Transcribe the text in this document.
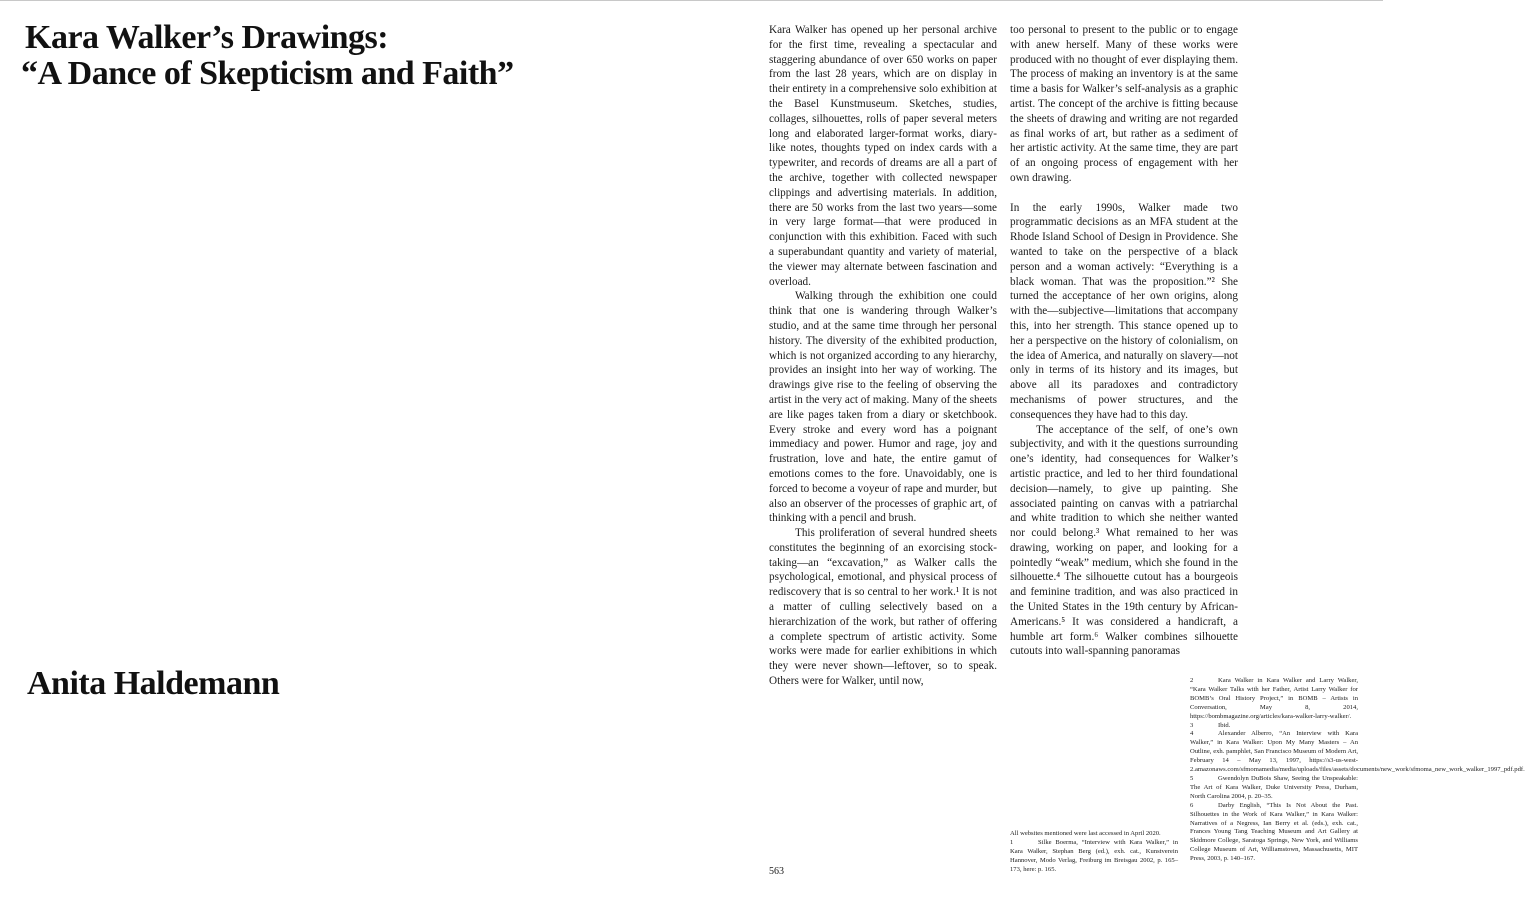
Kara Walker’s Drawings:
“A Dance of Skepticism and Faith”
Anita Haldemann

Kara Walker has opened up her personal archive for the first time, revealing a spectacular and staggering abundance of over 650 works on paper from the last 28 years, which are on display in their entirety in a comprehensive solo exhibition at the Basel Kunstmuseum. Sketches, studies, collages, silhouettes, rolls of paper several meters long and elaborated larger-format works, diary-like notes, thoughts typed on index cards with a typewriter, and records of dreams are all a part of the archive, together with collected newspaper clippings and advertising materials. In addition, there are 50 works from the last two years—some in very large format—that were produced in conjunction with this exhibition. Faced with such a superabundant quantity and variety of material, the viewer may alternate between fascination and overload.

Walking through the exhibition one could think that one is wandering through Walker’s studio, and at the same time through her personal history. The diversity of the exhibited production, which is not organized according to any hierarchy, provides an insight into her way of working. The drawings give rise to the feeling of observing the artist in the very act of making. Many of the sheets are like pages taken from a diary or sketchbook. Every stroke and every word has a poignant immediacy and power. Humor and rage, joy and frustration, love and hate, the entire gamut of emotions comes to the fore. Unavoidably, one is forced to become a voyeur of rape and murder, but also an observer of the processes of graphic art, of thinking with a pencil and brush.

This proliferation of several hundred sheets constitutes the beginning of an exorcising stock-taking—an “excavation,” as Walker calls the psychological, emotional, and physical process of rediscovery that is so central to her work.¹ It is not a matter of culling selectively based on a hierarchization of the work, but rather of offering a complete spectrum of artistic activity. Some works were made for earlier exhibitions in which they were never shown—leftover, so to speak. Others were for Walker, until now,

too personal to present to the public or to engage with anew herself. Many of these works were produced with no thought of ever displaying them. The process of making an inventory is at the same time a basis for Walker’s self-analysis as a graphic artist. The concept of the archive is fitting because the sheets of drawing and writing are not regarded as final works of art, but rather as a sediment of her artistic activity. At the same time, they are part of an ongoing process of engagement with her own drawing.

In the early 1990s, Walker made two programmatic decisions as an MFA student at the Rhode Island School of Design in Providence. She wanted to take on the perspective of a black person and a woman actively: “Everything is a black woman. That was the proposition.”² She turned the acceptance of her own origins, along with the—subjective—limitations that accompany this, into her strength. This stance opened up to her a perspective on the history of colonialism, on the idea of America, and naturally on slavery—not only in terms of its history and its images, but above all its paradoxes and contradictory mechanisms of power structures, and the consequences they have had to this day.

The acceptance of the self, of one’s own subjectivity, and with it the questions surrounding one’s identity, had consequences for Walker’s artistic practice, and led to her third foundational decision—namely, to give up painting. She associated painting on canvas with a patriarchal and white tradition to which she neither wanted nor could belong.³ What remained to her was drawing, working on paper, and looking for a pointedly “weak” medium, which she found in the silhouette.⁴ The silhouette cutout has a bourgeois and feminine tradition, and was also practiced in the United States in the 19th century by African-Americans.⁵ It was considered a handicraft, a humble art form.⁶ Walker combines silhouette cutouts into wall-spanning panoramas

563
All websites mentioned were last accessed in April 2020.
1	Silke Boerma, “Interview with Kara Walker,” in Kara Walker, Stephan Berg (ed.), exh. cat., Kunstverein Hannover, Modo Verlag, Freiburg im Breisgau 2002, p. 165–173, here: p. 165.
2	Kara Walker in Kara Walker and Larry Walker, “Kara Walker Talks with her Father, Artist Larry Walker for BOMB’s Oral History Project,” in BOMB – Artists in Conversation, May 8, 2014, https://bombmagazine.org/articles/kara-walker-larry-walker/.
3	Ibid.
4	Alexander Alberro, “An Interview with Kara Walker,” in Kara Walker: Upon My Many Masters – An Outline, exh. pamphlet, San Francisco Museum of Modern Art, February 14 – May 13, 1997, https://s3-us-west-2.amazonaws.com/sfmomamedia/media/uploads/files/assets/documents/new_work/sfmoma_new_work_walker_1997_pdf.pdf.
5	Gwendolyn DuBois Shaw, Seeing the Unspeakable: The Art of Kara Walker, Duke University Press, Durham, North Carolina 2004, p. 20–35.
6	Darby English, “This Is Not About the Past. Silhouettes in the Work of Kara Walker,” in Kara Walker: Narratives of a Negress, Ian Berry et al. (eds.), exh. cat., Frances Young Tang Teaching Museum and Art Gallery at Skidmore College, Saratoga Springs, New York, and Williams College Museum of Art, Williamstown, Massachusetts, MIT Press, 2003, p. 140–167.
